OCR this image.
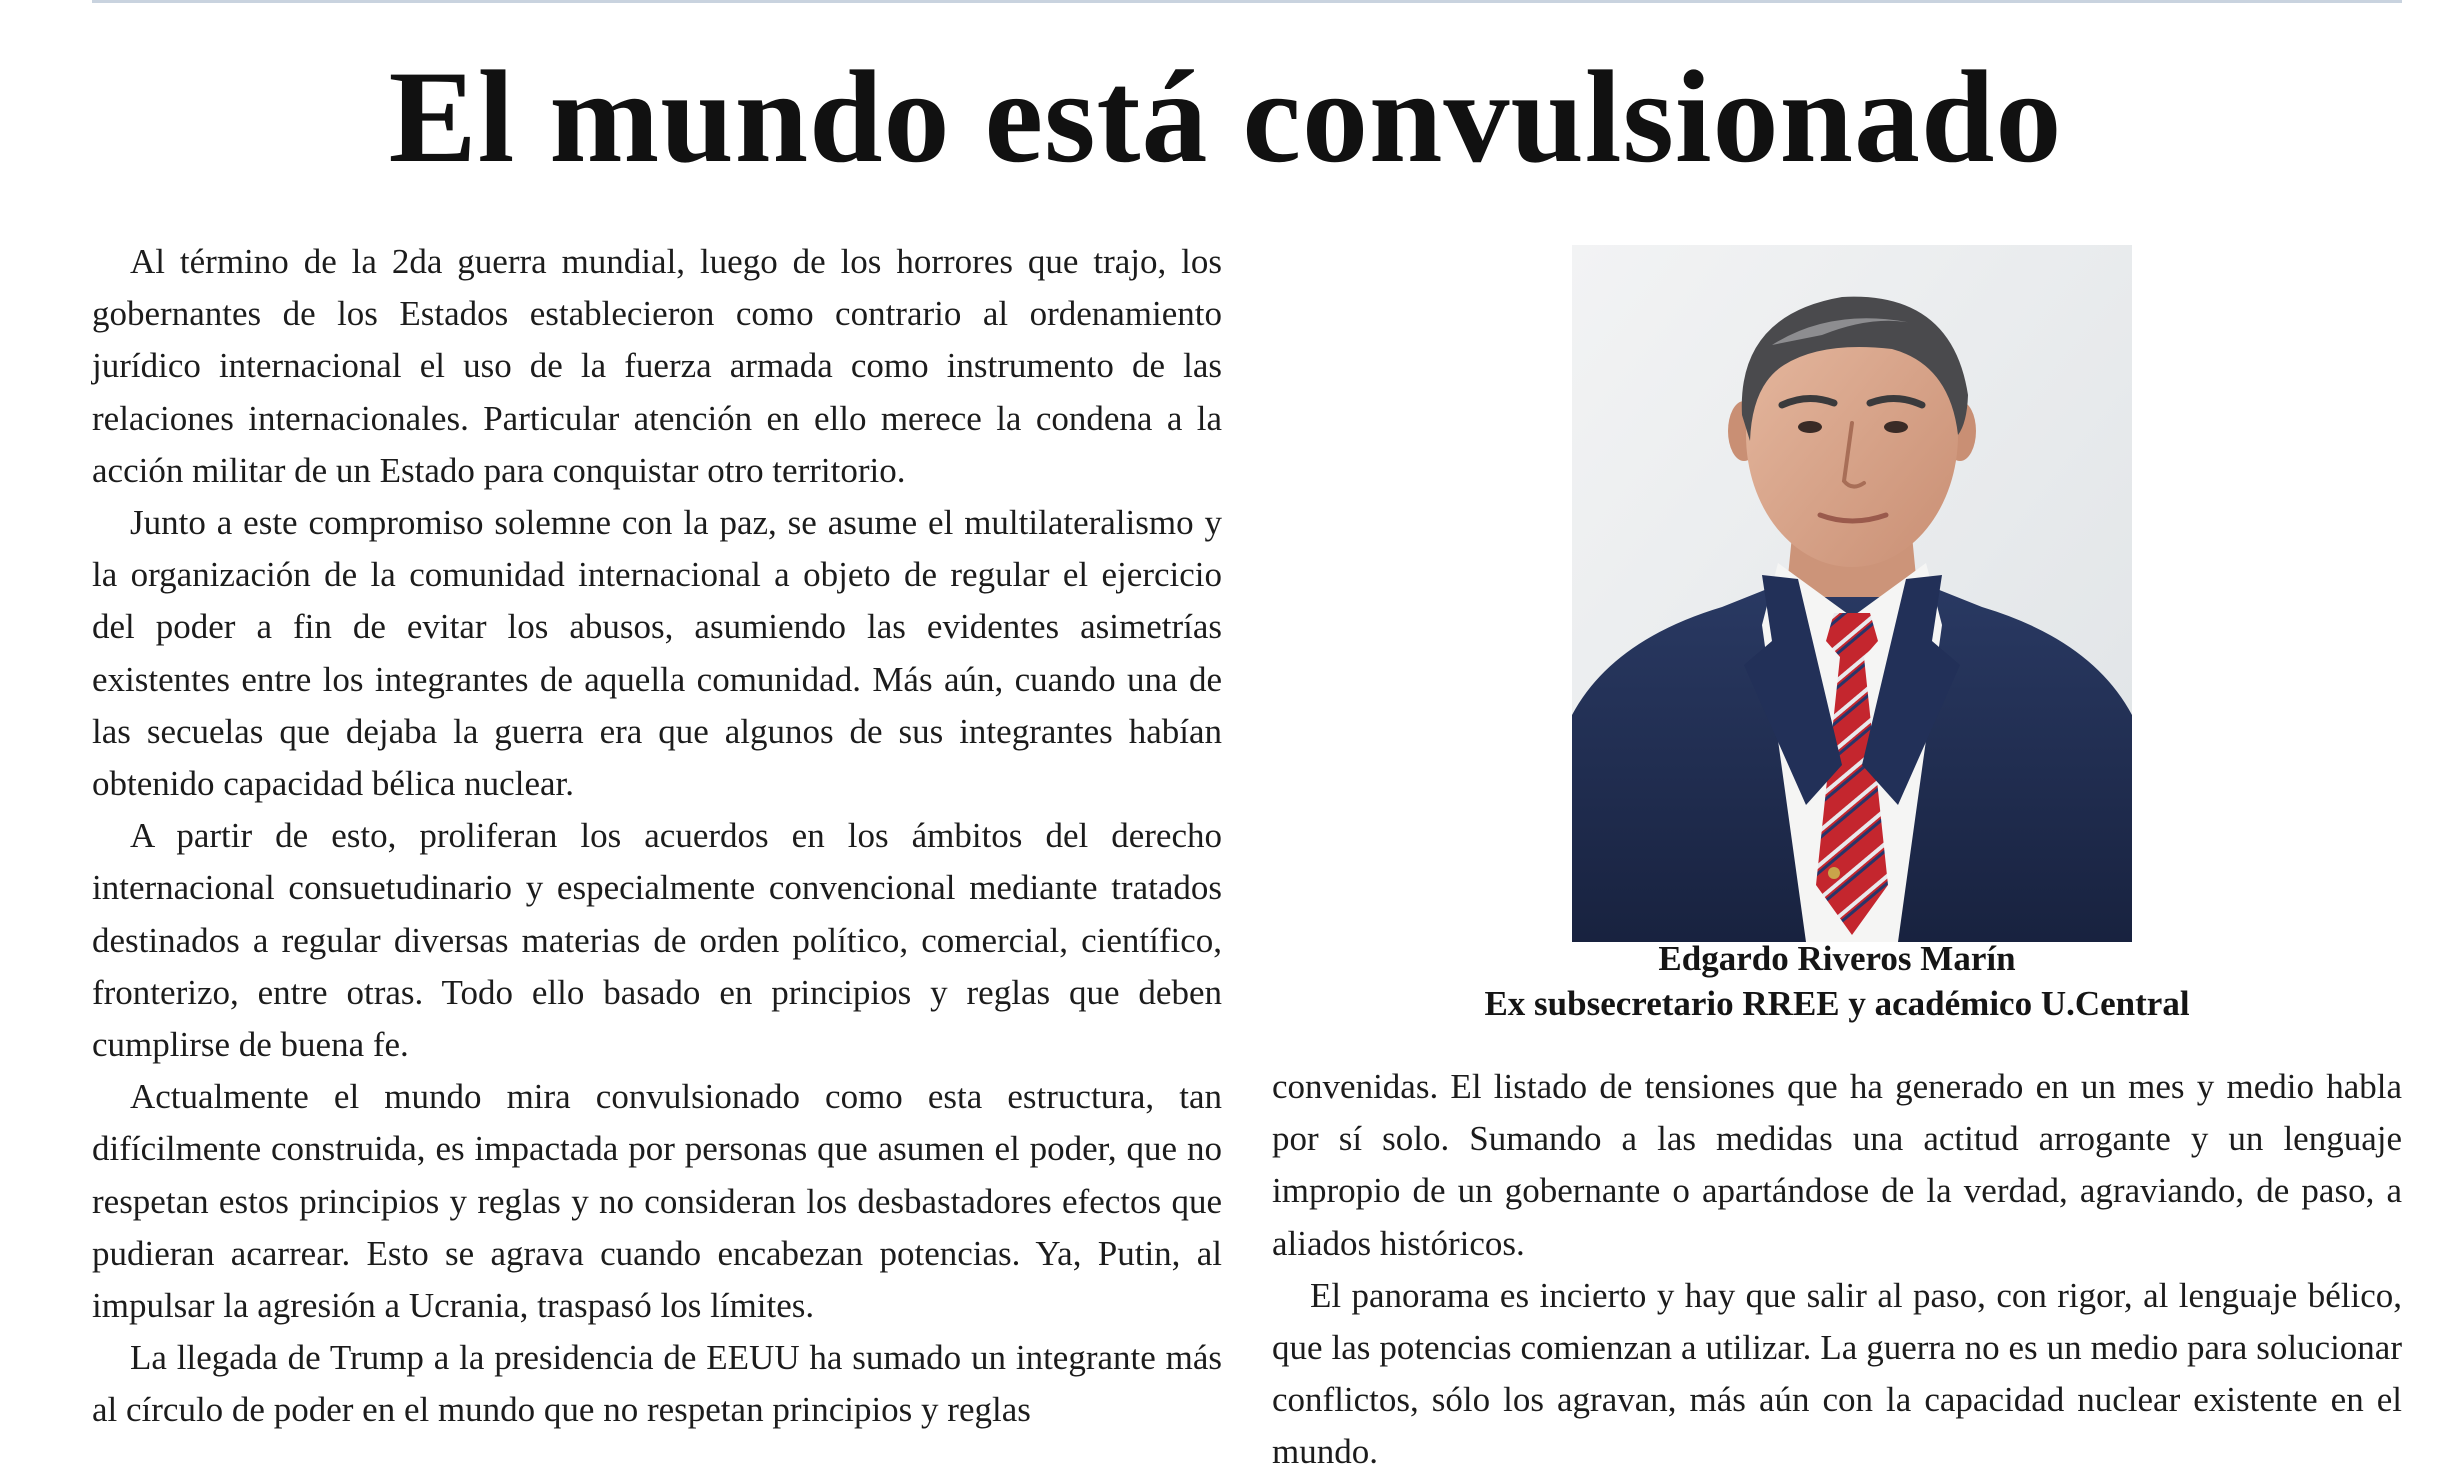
El mundo está convulsionado

Al término de la 2da guerra mundial, luego de los horrores que trajo, los gobernantes de los Estados establecieron como contrario al ordenamiento jurídico internacional el uso de la fuerza armada como instrumento de las relaciones internacionales. Particular atención en ello merece la condena a la acción militar de un Estado para conquistar otro territorio.

Junto a este compromiso solemne con la paz, se asume el multilateralismo y la organización de la comunidad internacional a objeto de regular el ejercicio del poder a fin de evitar los abusos, asumiendo las evidentes asimetrías existentes entre los integrantes de aquella comunidad. Más aún, cuando una de las secuelas que dejaba la guerra era que algunos de sus integrantes habían obtenido capacidad bélica nuclear.

A partir de esto, proliferan los acuerdos en los ámbitos del derecho internacional consuetudinario y especialmente convencional mediante tratados destinados a regular diversas materias de orden político, comercial, científico, fronterizo, entre otras. Todo ello basado en principios y reglas que deben cumplirse de buena fe.

Actualmente el mundo mira convulsionado como esta estructura, tan difícilmente construida, es impactada por personas que asumen el poder, que no respetan estos principios y reglas y no consideran los desbastadores efectos que pudieran acarrear. Esto se agrava cuando encabezan potencias. Ya, Putin, al impulsar la agresión a Ucrania, traspasó los límites.

La llegada de Trump a la presidencia de EEUU ha sumado un integrante más al círculo de poder en el mundo que no respetan principios y reglas

Edgardo Riveros Marín
Ex subsecretario RREE y académico U.Central

convenidas. El listado de tensiones que ha generado en un mes y medio habla por sí solo. Sumando a las medidas una actitud arrogante y un lenguaje impropio de un gobernante o apartándose de la verdad, agraviando, de paso, a aliados históricos.

El panorama es incierto y hay que salir al paso, con rigor, al lenguaje bélico, que las potencias comienzan a utilizar. La guerra no es un medio para solucionar conflictos, sólo los agravan, más aún con la capacidad nuclear existente en el mundo.
